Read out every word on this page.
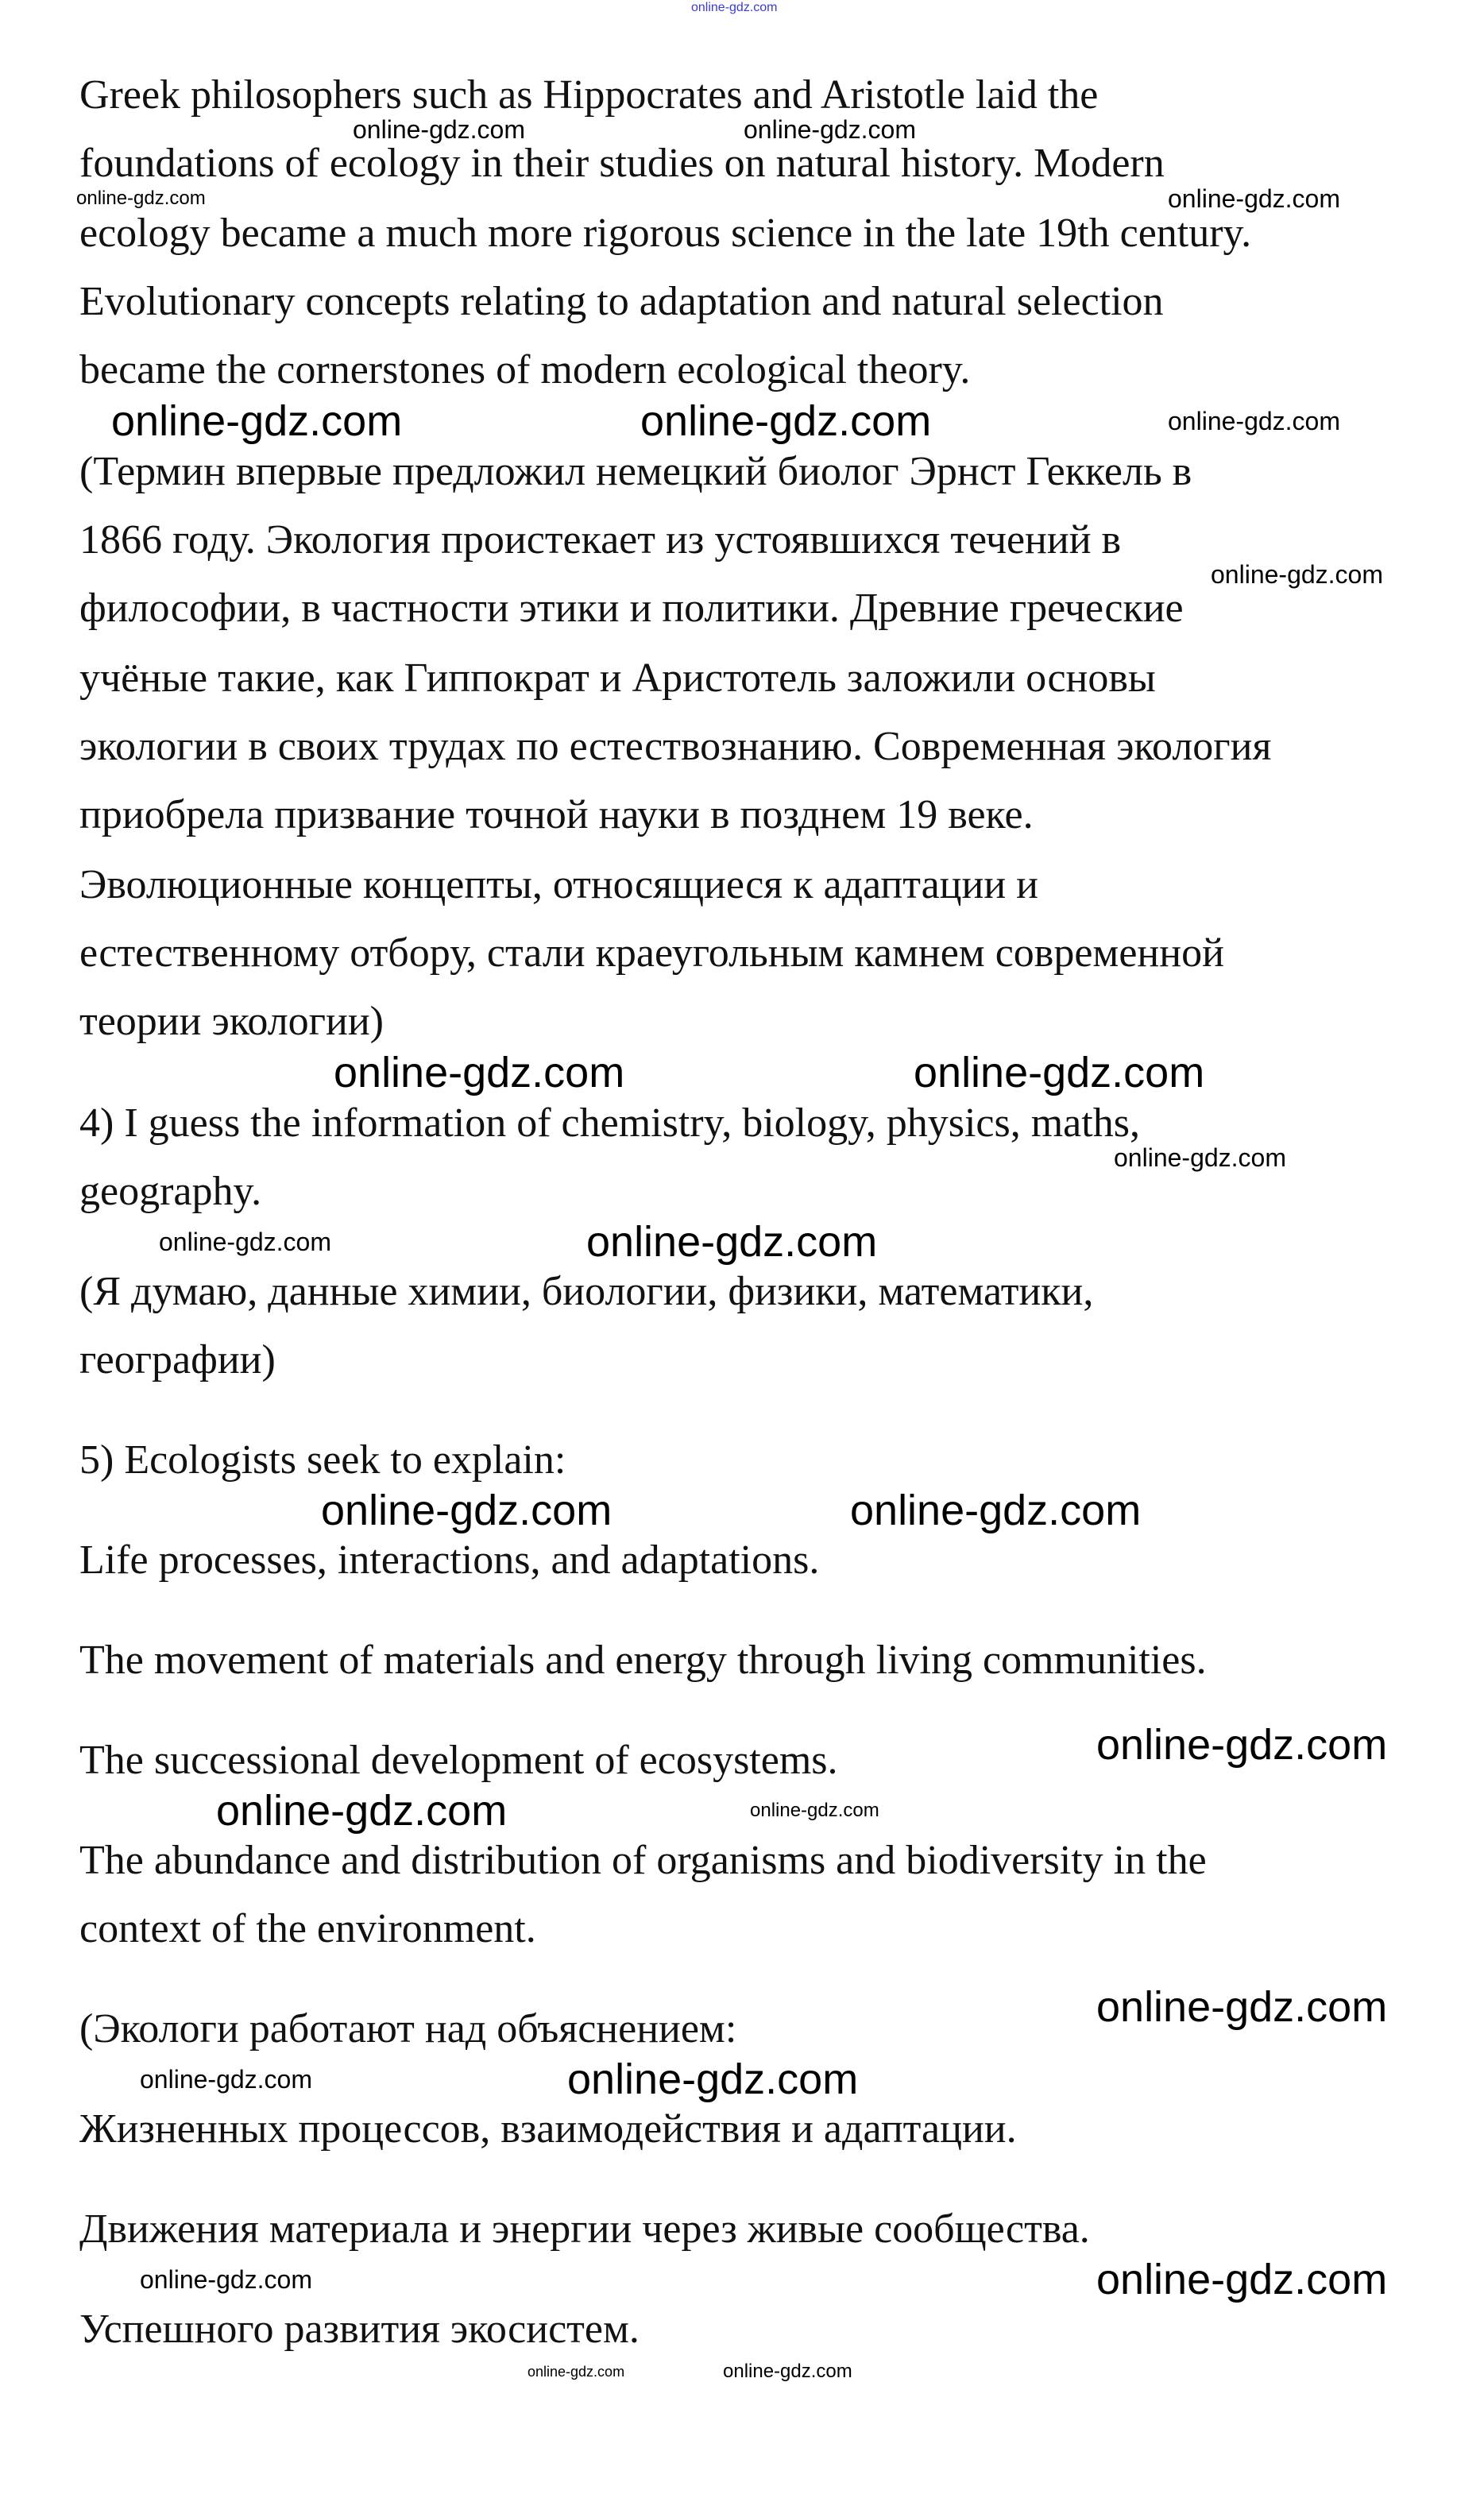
Greek philosophers such as Hippocrates and Aristotle laid the
foundations of ecology in their studies on natural history. Modern
ecology became a much more rigorous science in the late 19th century.
Evolutionary concepts relating to adaptation and natural selection
became the cornerstones of modern ecological theory.
(Термин впервые предложил немецкий биолог Эрнст Геккель в
1866 году. Экология проистекает из устоявшихся течений в
философии, в частности этики и политики. Древние греческие
учёные такие, как Гиппократ и Аристотель заложили основы
экологии в своих трудах по естествознанию. Современная экология
приобрела призвание точной науки в позднем 19 веке.
Эволюционные концепты, относящиеся к адаптации и
естественному отбору, стали краеугольным камнем современной
теории экологии)
4) I guess the information of chemistry, biology, physics, maths,
geography.
(Я думаю, данные химии, биологии, физики, математики,
географии)
5) Ecologists seek to explain:
Life processes, interactions, and adaptations.
The movement of materials and energy through living communities.
The successional development of ecosystems.
The abundance and distribution of organisms and biodiversity in the
context of the environment.
(Экологи работают над объяснением:
Жизненных процессов, взаимодействия и адаптации.
Движения материала и энергии через живые сообщества.
Успешного развития экосистем.
online-gdz.com
online-gdz.com	online-gdz.com
online-gdz.com	online-gdz.com
online-gdz.com	online-gdz.com	online-gdz.com
online-gdz.com
online-gdz.com	online-gdz.com
online-gdz.com
online-gdz.com
online-gdz.com
online-gdz.com	online-gdz.com
online-gdz.com
online-gdz.com	online-gdz.com
online-gdz.com
online-gdz.com	online-gdz.com
online-gdz.com	online-gdz.com
online-gdz.com	online-gdz.com
